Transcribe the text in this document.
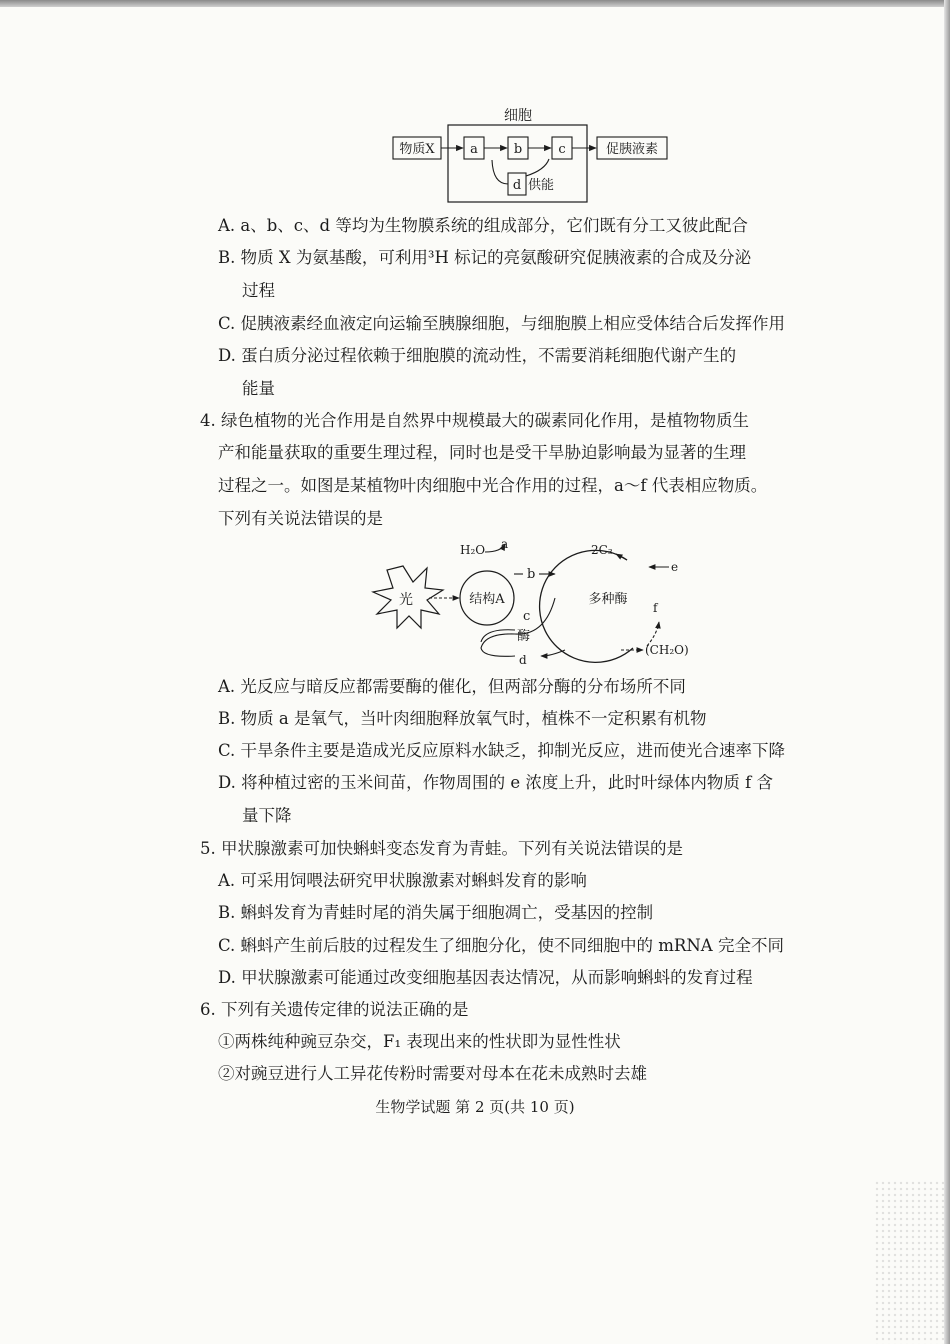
细胞
物质X	a	b	c
d 供能
促胰液素
A. a、b、c、d 等均为生物膜系统的组成部分，它们既有分工又彼此配合
B. 物质 X 为氨基酸，可利用³H 标记的亮氨酸研究促胰液素的合成及分泌
过程
C. 促胰液素经血液定向运输至胰腺细胞，与细胞膜上相应受体结合后发挥作用
D. 蛋白质分泌过程依赖于细胞膜的流动性，不需要消耗细胞代谢产生的
能量
4. 绿色植物的光合作用是自然界中规模最大的碳素同化作用，是植物物质生
产和能量获取的重要生理过程，同时也是受干旱胁迫影响最为显著的生理
过程之一。如图是某植物叶肉细胞中光合作用的过程，a～f 代表相应物质。
下列有关说法错误的是
光	结构A
H₂O a
b
c
酶
d
2C₃
多种酶
e
f
(CH₂O)
A. 光反应与暗反应都需要酶的催化，但两部分酶的分布场所不同
B. 物质 a 是氧气，当叶肉细胞释放氧气时，植株不一定积累有机物
C. 干旱条件主要是造成光反应原料水缺乏，抑制光反应，进而使光合速率下降
D. 将种植过密的玉米间苗，作物周围的 e 浓度上升，此时叶绿体内物质 f 含
量下降
5. 甲状腺激素可加快蝌蚪变态发育为青蛙。下列有关说法错误的是
A. 可采用饲喂法研究甲状腺激素对蝌蚪发育的影响
B. 蝌蚪发育为青蛙时尾的消失属于细胞凋亡，受基因的控制
C. 蝌蚪产生前后肢的过程发生了细胞分化，使不同细胞中的 mRNA 完全不同
D. 甲状腺激素可能通过改变细胞基因表达情况，从而影响蝌蚪的发育过程
6. 下列有关遗传定律的说法正确的是
①两株纯种豌豆杂交，F₁ 表现出来的性状即为显性性状
②对豌豆进行人工异花传粉时需要对母本在花未成熟时去雄
生物学试题 第 2 页(共 10 页)
